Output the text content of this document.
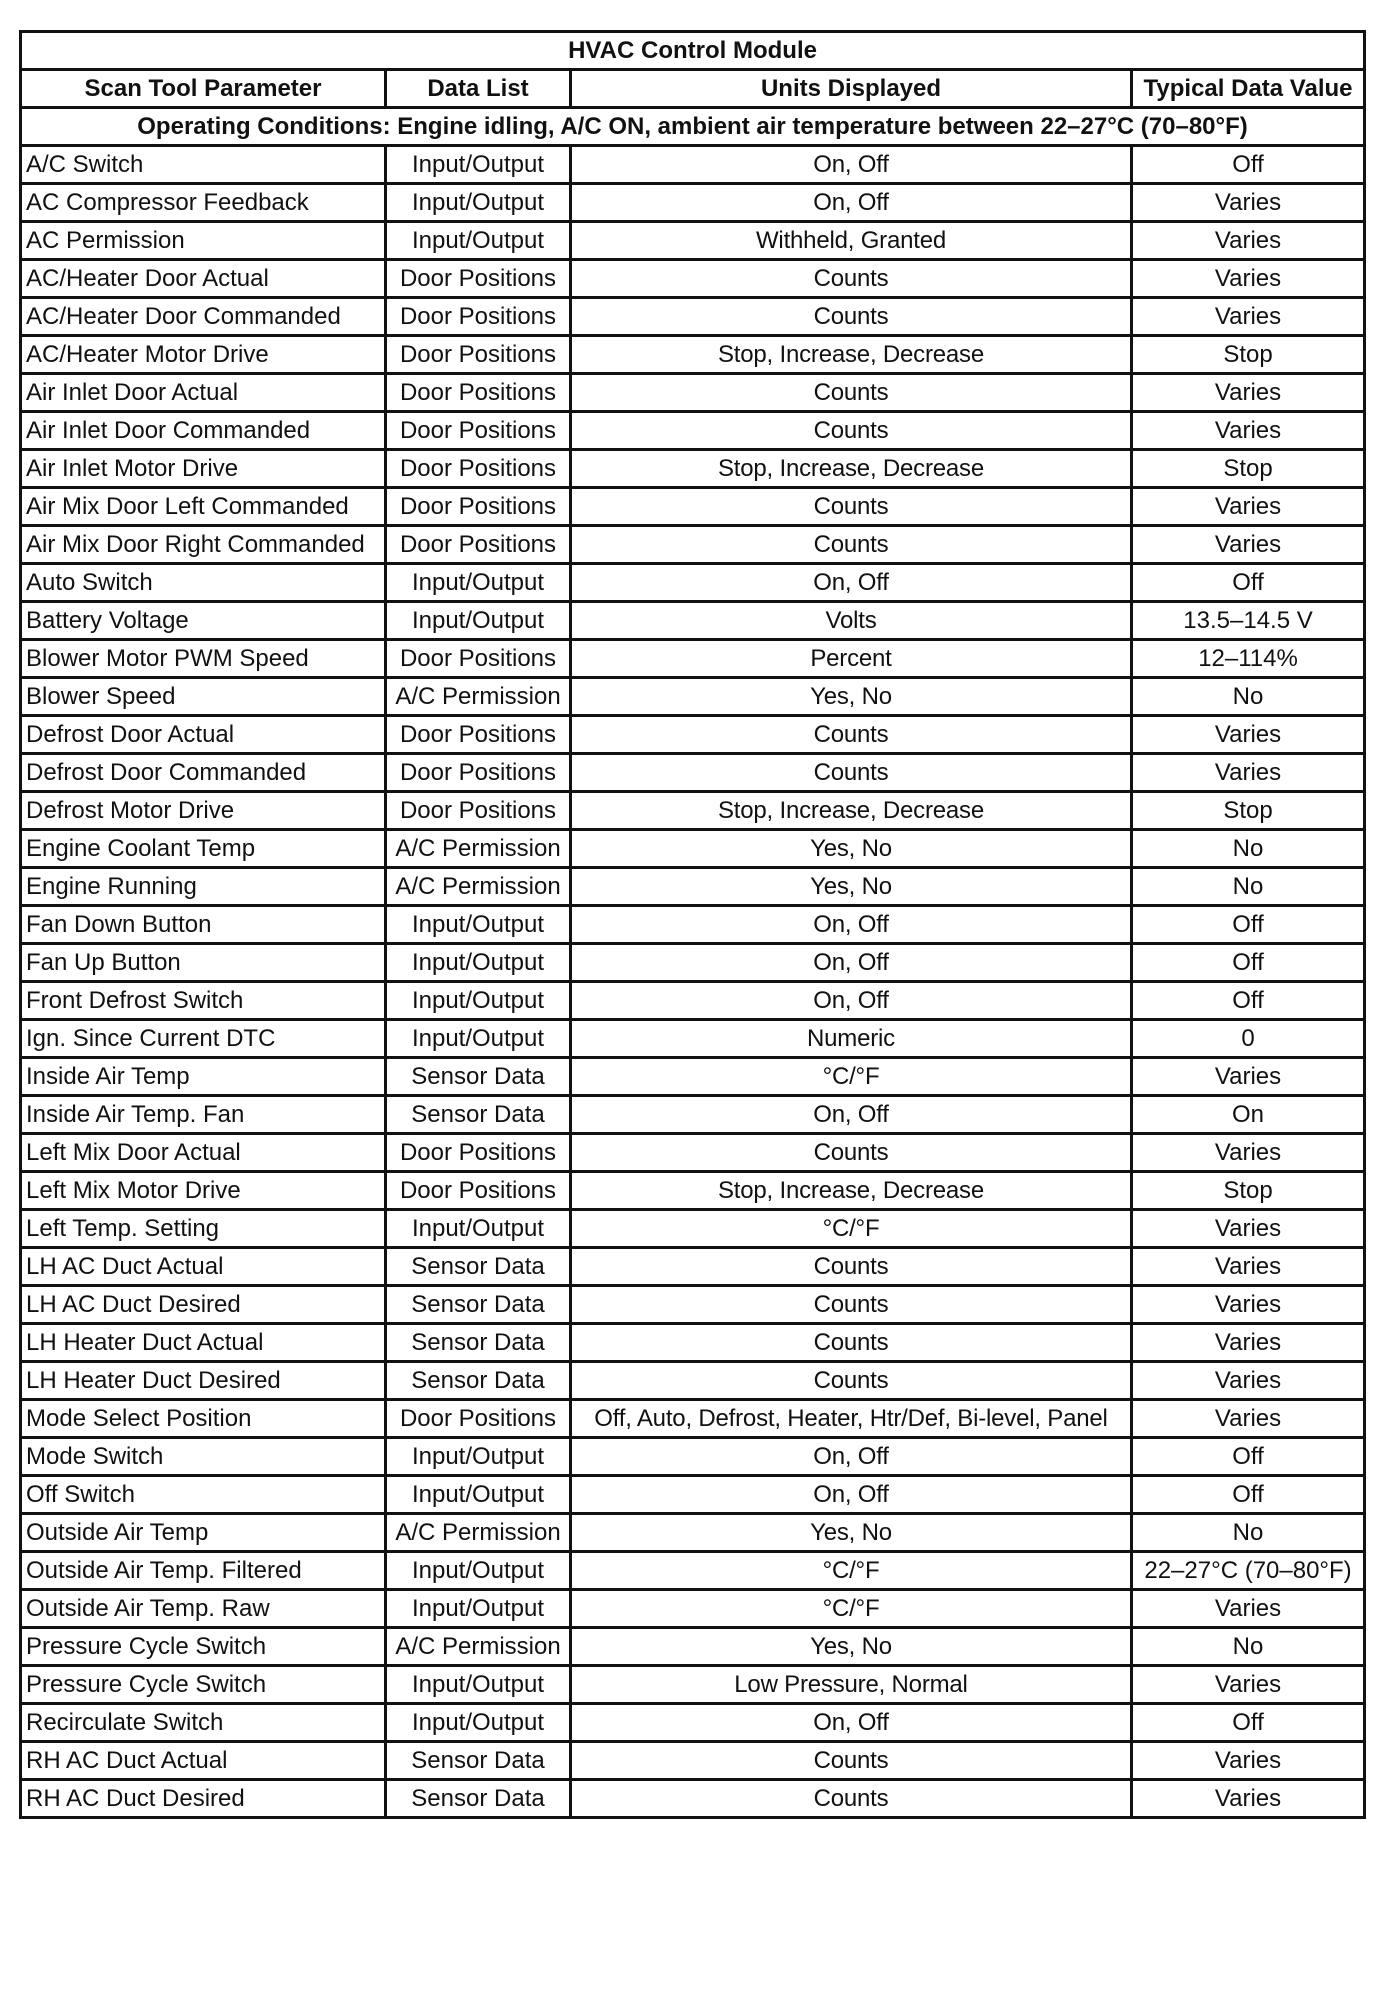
HVAC Control Module			
Scan Tool Parameter	Data List	Units Displayed	Typical Data Value
Operating Conditions: Engine idling, A/C ON, ambient air temperature between 22–27°C (70–80°F)			
A/C Switch	Input/Output	On, Off	Off
AC Compressor Feedback	Input/Output	On, Off	Varies
AC Permission	Input/Output	Withheld, Granted	Varies
AC/Heater Door Actual	Door Positions	Counts	Varies
AC/Heater Door Commanded	Door Positions	Counts	Varies
AC/Heater Motor Drive	Door Positions	Stop, Increase, Decrease	Stop
Air Inlet Door Actual	Door Positions	Counts	Varies
Air Inlet Door Commanded	Door Positions	Counts	Varies
Air Inlet Motor Drive	Door Positions	Stop, Increase, Decrease	Stop
Air Mix Door Left Commanded	Door Positions	Counts	Varies
Air Mix Door Right Commanded	Door Positions	Counts	Varies
Auto Switch	Input/Output	On, Off	Off
Battery Voltage	Input/Output	Volts	13.5–14.5 V
Blower Motor PWM Speed	Door Positions	Percent	12–114%
Blower Speed	A/C Permission	Yes, No	No
Defrost Door Actual	Door Positions	Counts	Varies
Defrost Door Commanded	Door Positions	Counts	Varies
Defrost Motor Drive	Door Positions	Stop, Increase, Decrease	Stop
Engine Coolant Temp	A/C Permission	Yes, No	No
Engine Running	A/C Permission	Yes, No	No
Fan Down Button	Input/Output	On, Off	Off
Fan Up Button	Input/Output	On, Off	Off
Front Defrost Switch	Input/Output	On, Off	Off
Ign. Since Current DTC	Input/Output	Numeric	0
Inside Air Temp	Sensor Data	°C/°F	Varies
Inside Air Temp. Fan	Sensor Data	On, Off	On
Left Mix Door Actual	Door Positions	Counts	Varies
Left Mix Motor Drive	Door Positions	Stop, Increase, Decrease	Stop
Left Temp. Setting	Input/Output	°C/°F	Varies
LH AC Duct Actual	Sensor Data	Counts	Varies
LH AC Duct Desired	Sensor Data	Counts	Varies
LH Heater Duct Actual	Sensor Data	Counts	Varies
LH Heater Duct Desired	Sensor Data	Counts	Varies
Mode Select Position	Door Positions	Off, Auto, Defrost, Heater, Htr/Def, Bi-level, Panel	Varies
Mode Switch	Input/Output	On, Off	Off
Off Switch	Input/Output	On, Off	Off
Outside Air Temp	A/C Permission	Yes, No	No
Outside Air Temp. Filtered	Input/Output	°C/°F	22–27°C (70–80°F)
Outside Air Temp. Raw	Input/Output	°C/°F	Varies
Pressure Cycle Switch	A/C Permission	Yes, No	No
Pressure Cycle Switch	Input/Output	Low Pressure, Normal	Varies
Recirculate Switch	Input/Output	On, Off	Off
RH AC Duct Actual	Sensor Data	Counts	Varies
RH AC Duct Desired	Sensor Data	Counts	Varies
